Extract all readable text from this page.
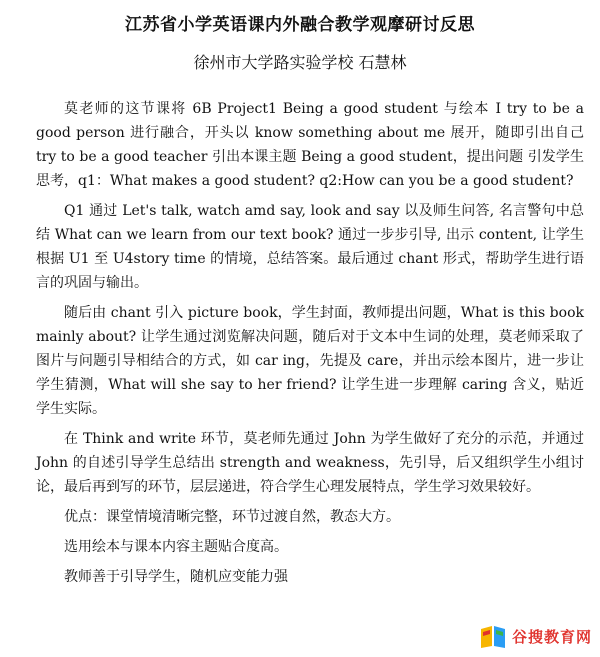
江苏省小学英语课内外融合教学观摩研讨反思
徐州市大学路实验学校 石慧林

莫老师的这节课将 6B Project1 Being a good student 与绘本 I try to be a good person 进行融合，开头以 know something about me 展开，随即引出自己 try to be a good teacher 引出本课主题 Being a good student，提出问题 引发学生思考，q1：What makes a good student? q2:How can you be a good student?

Q1 通过 Let's talk, watch amd say, look and say 以及师生问答, 名言警句中总结 What can we learn from our text book? 通过一步步引导, 出示 content, 让学生根据 U1 至 U4story time 的情境，总结答案。最后通过 chant 形式，帮助学生进行语言的巩固与输出。

随后由 chant 引入 picture book，学生封面，教师提出问题，What is this book mainly about? 让学生通过浏览解决问题，随后对于文本中生词的处理，莫老师采取了图片与问题引导相结合的方式，如 car ing，先提及 care，并出示绘本图片，进一步让学生猜测，What will she say to her friend? 让学生进一步理解 caring 含义，贴近学生实际。

在 Think and write 环节，莫老师先通过 John 为学生做好了充分的示范，并通过 John 的自述引导学生总结出 strength and weakness，先引导，后又组织学生小组讨论，最后再到写的环节，层层递进，符合学生心理发展特点，学生学习效果较好。

优点：课堂情境清晰完整，环节过渡自然，教态大方。

选用绘本与课本内容主题贴合度高。

教师善于引导学生，随机应变能力强

谷搜教育网
